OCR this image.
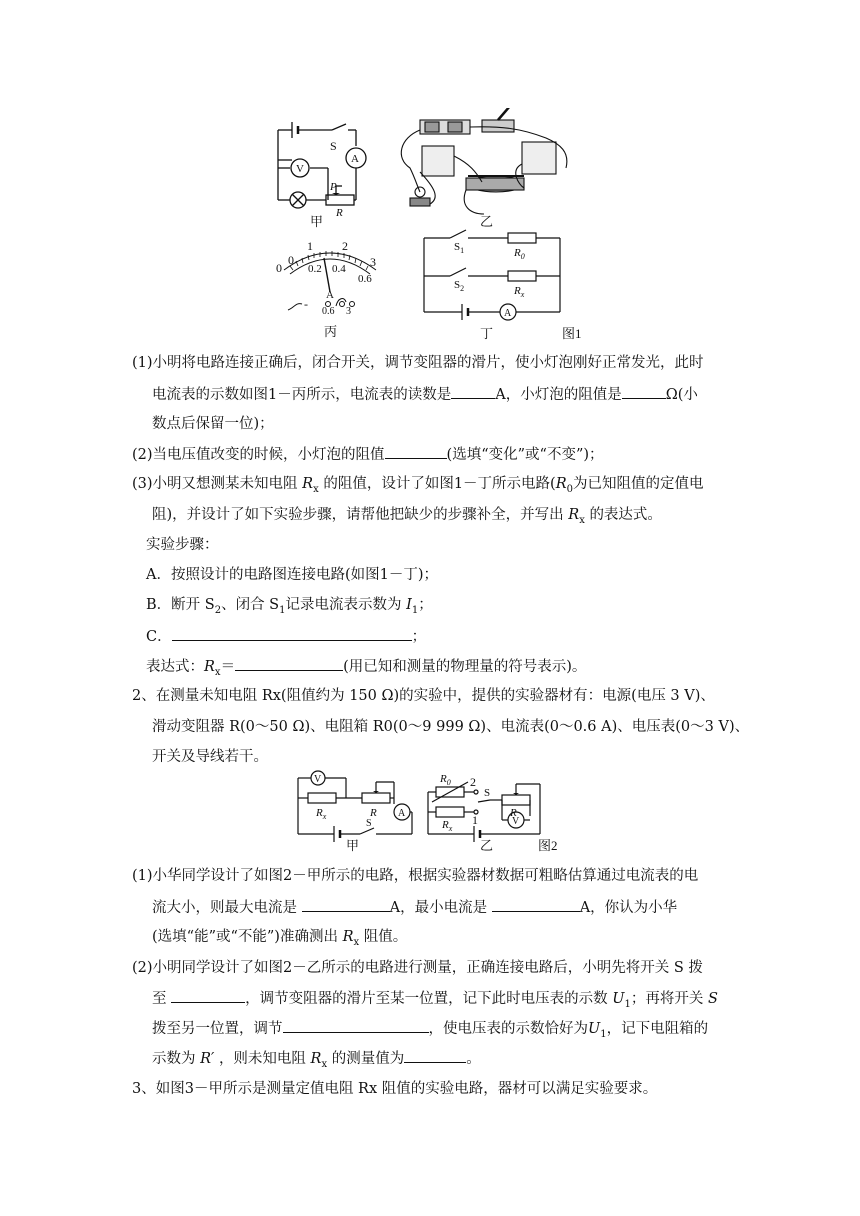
S
A
V
P
R
甲	乙
0
1 2
3
0 0.2 0.4
0.6
A
-
0.6 3
丙
$S_1$	$R_0$
$S_2$	$R_x$
A
丁	图1
(1)小明将电路连接正确后，闭合开关，调节变阻器的滑片，使小灯泡刚好正常发光，此时
电流表的示数如图1－丙所示，电流表的读数是	A，小灯泡的阻值是	Ω(小
数点后保留一位)；
(2)当电压值改变的时候，小灯泡的阻值	(选填“变化”或“不变”)；
(3)小明又想测某未知电阻 $R_x$ 的阻值，设计了如图1－丁所示电路($R_0$为已知阻值的定值电
阻)，并设计了如下实验步骤，请帮他把缺少的步骤补全，并写出 $R_x$ 的表达式。
实验步骤：
A．按照设计的电路图连接电路(如图1－丁)；
B．断开 $S_2$、闭合 $S_1$记录电流表示数为 $I_1$；
C．	；
表达式：$R_x=$	(用已知和测量的物理量的符号表示)。
2、在测量未知电阻 Rx(阻值约为 150 Ω)的实验中，提供的实验器材有：电源(电压 3 V)、
滑动变阻器 R(0～50 Ω)、电阻箱 R0(0～9 999 Ω)、电流表(0～0.6 A)、电压表(0～3 V)、
开关及导线若干。
V
A
$R_x$	R
S
甲
$R_0$
$R_x$
2
1
S
R
V
乙	图2
(1)小华同学设计了如图2－甲所示的电路，根据实验器材数据可粗略估算通过电流表的电
流大小，则最大电流是	A，最小电流是	A，你认为小华
(选填“能”或“不能”)准确测出 $R_x$ 阻值。
(2)小明同学设计了如图2－乙所示的电路进行测量，正确连接电路后，小明先将开关 S 拨
至	，调节变阻器的滑片至某一位置，记下此时电压表的示数 $U_1$；再将开关 S
拨至另一位置，调节	，使电压表的示数恰好为$U_1$，记下电阻箱的
示数为 R′ ，则未知电阻 $R_x$ 的测量值为	。
3、如图3－甲所示是测量定值电阻 Rx 阻值的实验电路，器材可以满足实验要求。
